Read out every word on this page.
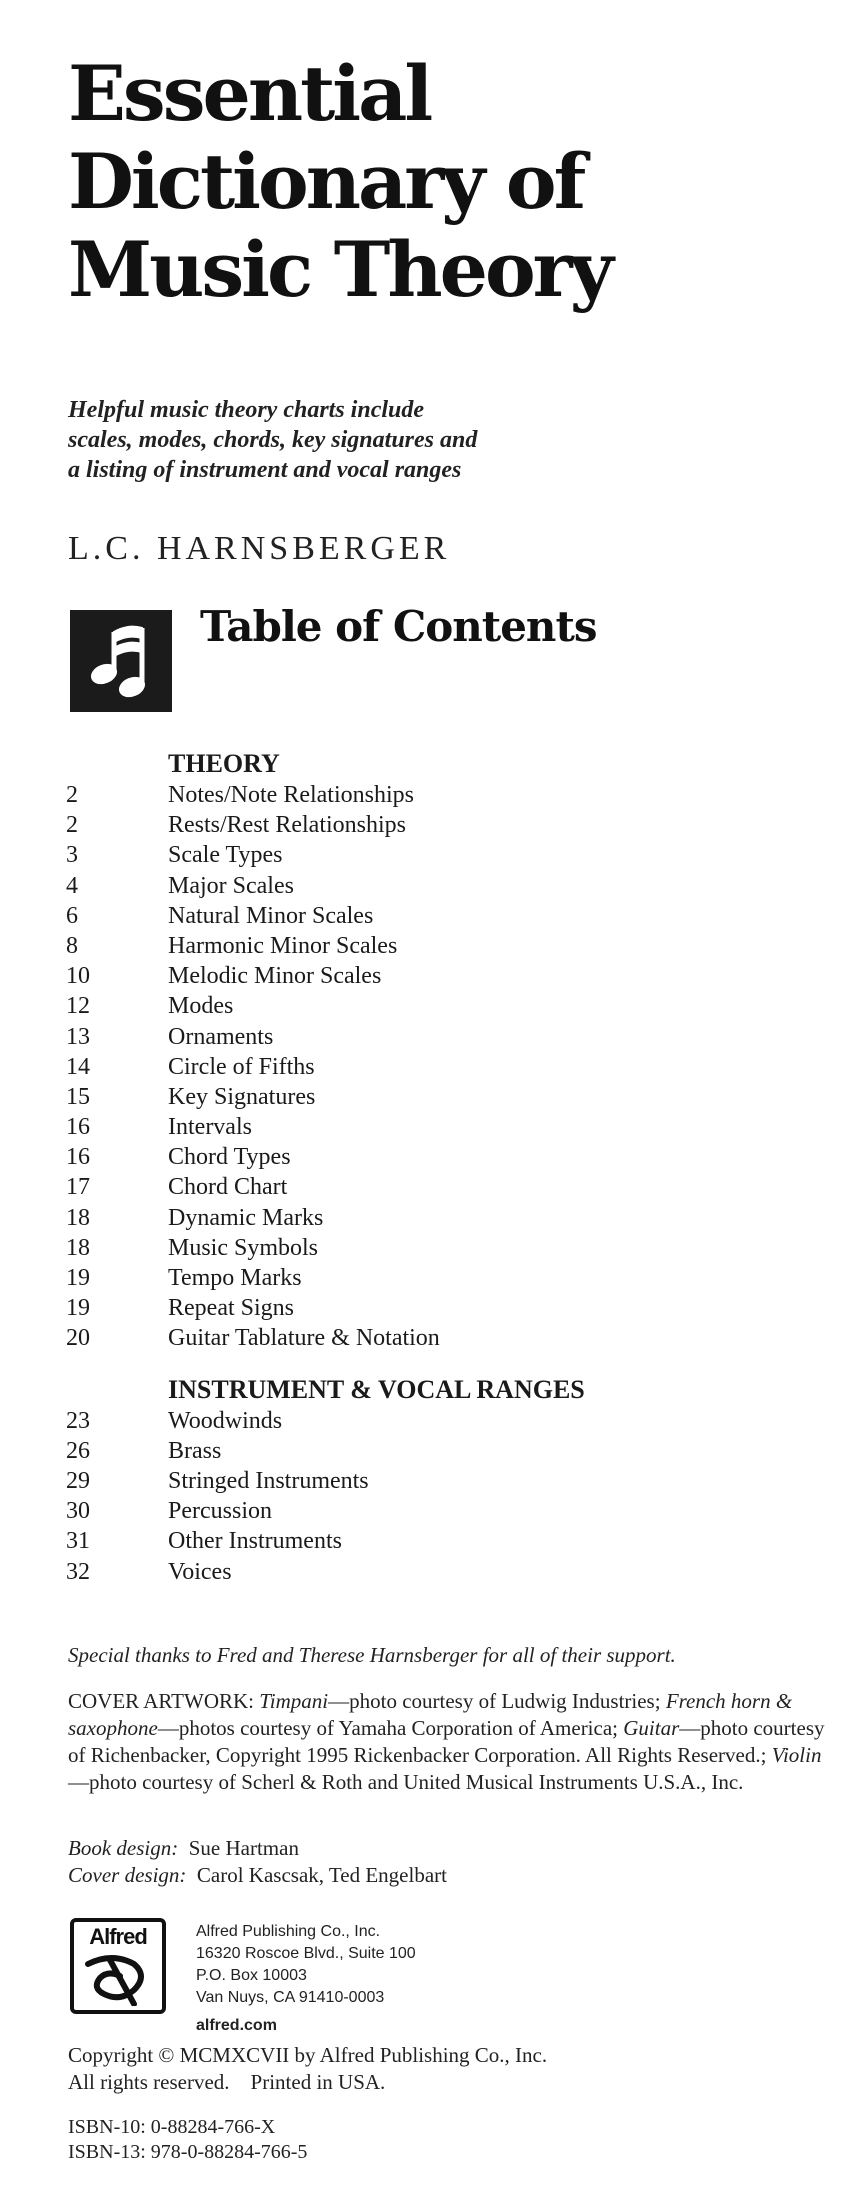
Essential
Dictionary of
Music Theory
Helpful music theory charts include
scales, modes, chords, key signatures and
a listing of instrument and vocal ranges
L.C. HARNSBERGER
Table of Contents
THEORY
2	Notes/Note Relationships
2	Rests/Rest Relationships
3	Scale Types
4	Major Scales
6	Natural Minor Scales
8	Harmonic Minor Scales
10	Melodic Minor Scales
12	Modes
13	Ornaments
14	Circle of Fifths
15	Key Signatures
16	Intervals
16	Chord Types
17	Chord Chart
18	Dynamic Marks
18	Music Symbols
19	Tempo Marks
19	Repeat Signs
20	Guitar Tablature & Notation
INSTRUMENT & VOCAL RANGES
23	Woodwinds
26	Brass
29	Stringed Instruments
30	Percussion
31	Other Instruments
32	Voices
Special thanks to Fred and Therese Harnsberger for all of their support.
COVER ARTWORK: Timpani—photo courtesy of Ludwig Industries; French horn & saxophone—photos courtesy of Yamaha Corporation of America; Guitar—photo courtesy of Richenbacker, Copyright 1995 Rickenbacker Corporation. All Rights Reserved.; Violin—photo courtesy of Scherl & Roth and United Musical Instruments U.S.A., Inc.
Book design: Sue Hartman
Cover design: Carol Kascsak, Ted Engelbart
Alfred	Alfred Publishing Co., Inc.
16320 Roscoe Blvd., Suite 100
P.O. Box 10003
Van Nuys, CA 91410-0003
alfred.com
Copyright © MCMXCVII by Alfred Publishing Co., Inc.
All rights reserved.    Printed in USA.
ISBN-10: 0-88284-766-X
ISBN-13: 978-0-88284-766-5
